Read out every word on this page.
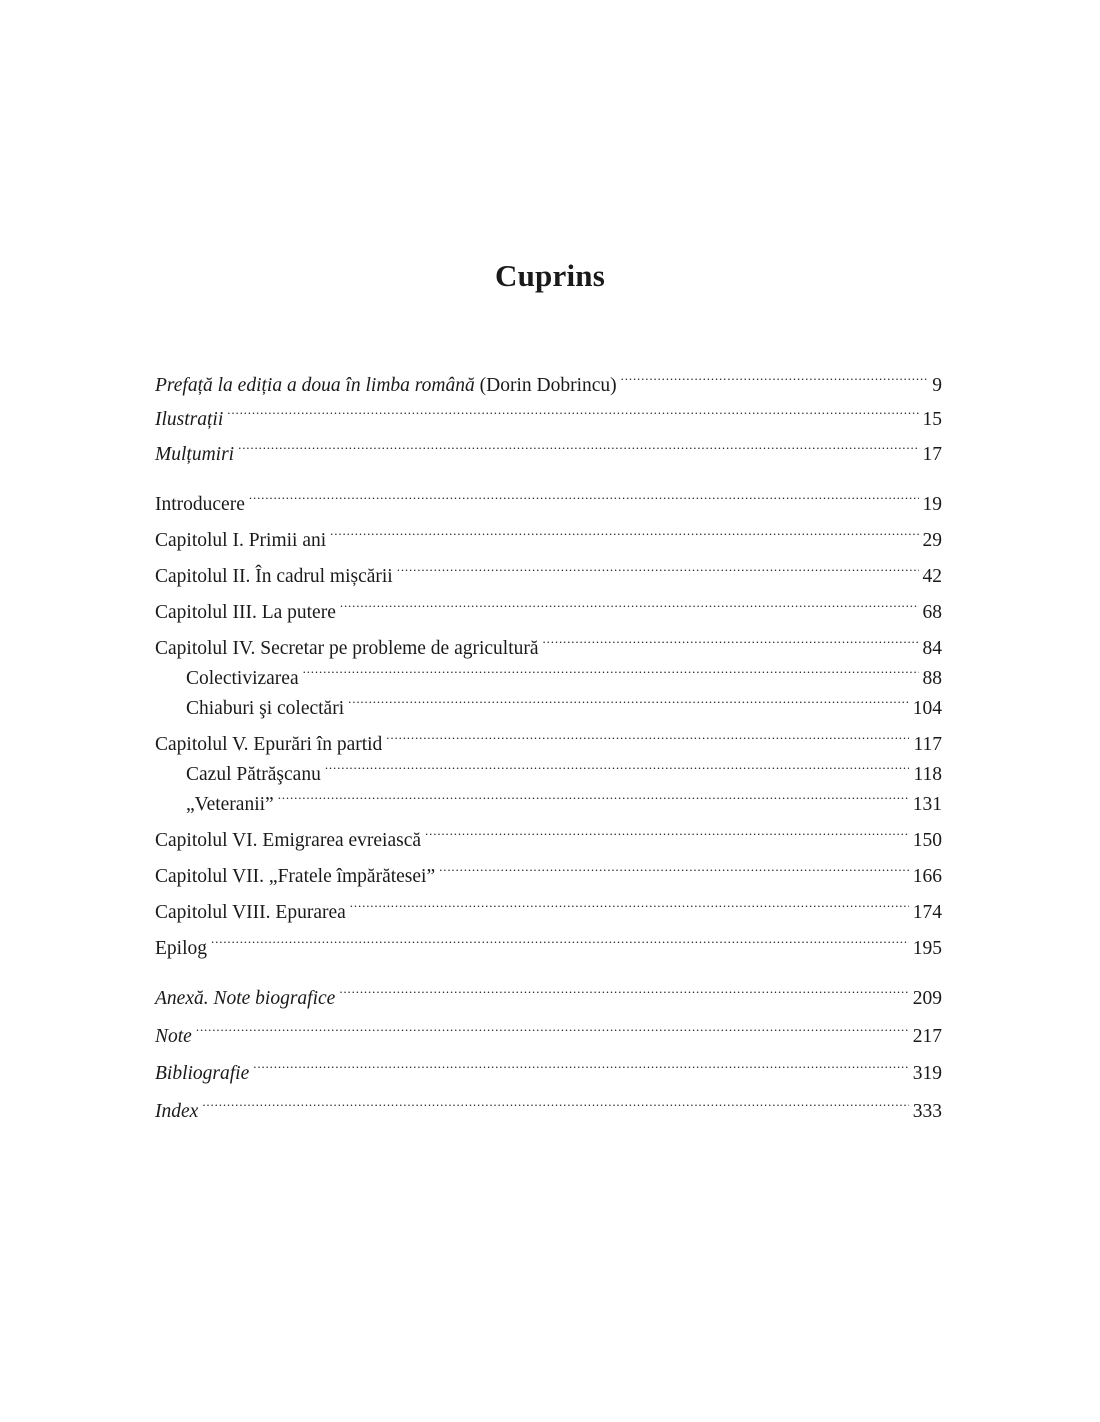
Cuprins
Prefață la ediția a doua în limba română (Dorin Dobrincu) . . .	9
Ilustrații . . .	15
Mulțumiri . . .	17
Introducere . . .	19
Capitolul I. Primii ani . . .	29
Capitolul II. În cadrul mișcării . . .	42
Capitolul III. La putere . . .	68
Capitolul IV. Secretar pe probleme de agricultură . . .	84
Colectivizarea . . .	88
Chiaburi şi colectări . . .	104
Capitolul V. Epurări în partid . . .	117
Cazul Pătrăşcanu . . .	118
„Veteranii” . . .	131
Capitolul VI. Emigrarea evreiască . . .	150
Capitolul VII. „Fratele împărătesei” . . .	166
Capitolul VIII. Epurarea . . .	174
Epilog . . .	195
Anexă. Note biografice . . .	209
Note . . .	217
Bibliografie . . .	319
Index . . .	333
